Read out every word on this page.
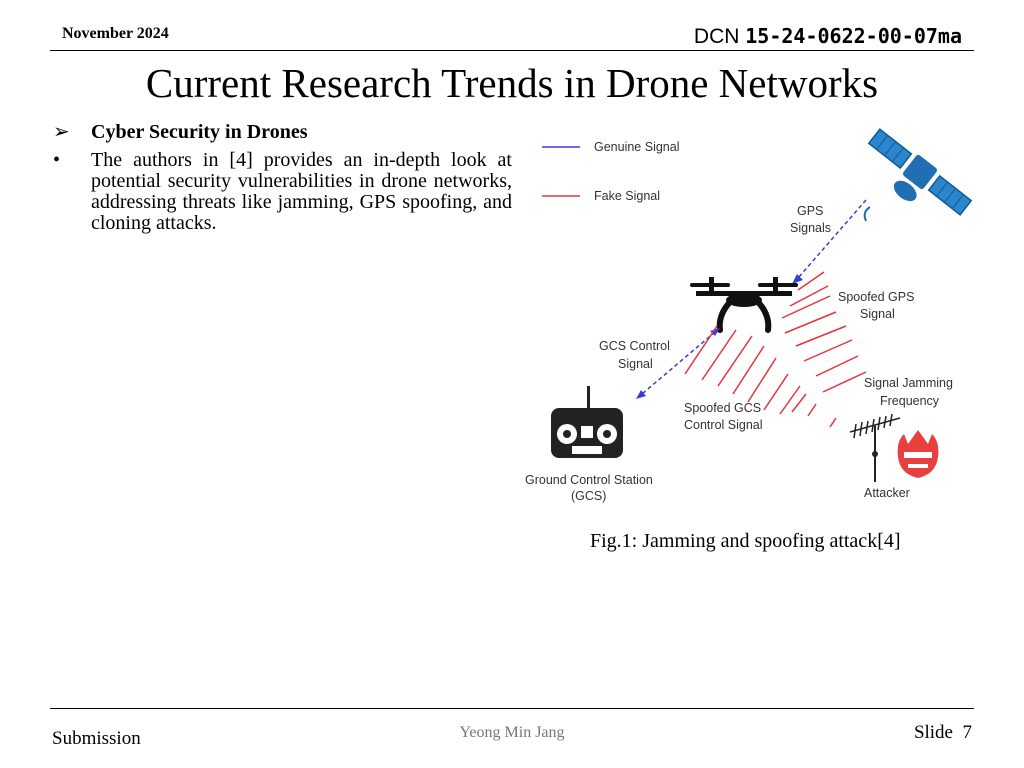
November 2024	DCN 15-24-0622-00-07ma
Current Research Trends in Drone Networks
➢ Cyber Security in Drones
• The authors in [4] provides an in-depth look at potential security vulnerabilities in drone networks, addressing threats like jamming, GPS spoofing, and cloning attacks.
Genuine Signal
Fake Signal
GPS
Signals
Spoofed GPS
Signal
GCS Control
Signal
Spoofed GCS
Control Signal
Signal Jamming
Frequency
Ground Control Station
(GCS)	Attacker
Fig.1: Jamming and spoofing attack[4]
Submission	Yeong Min Jang	Slide 7
